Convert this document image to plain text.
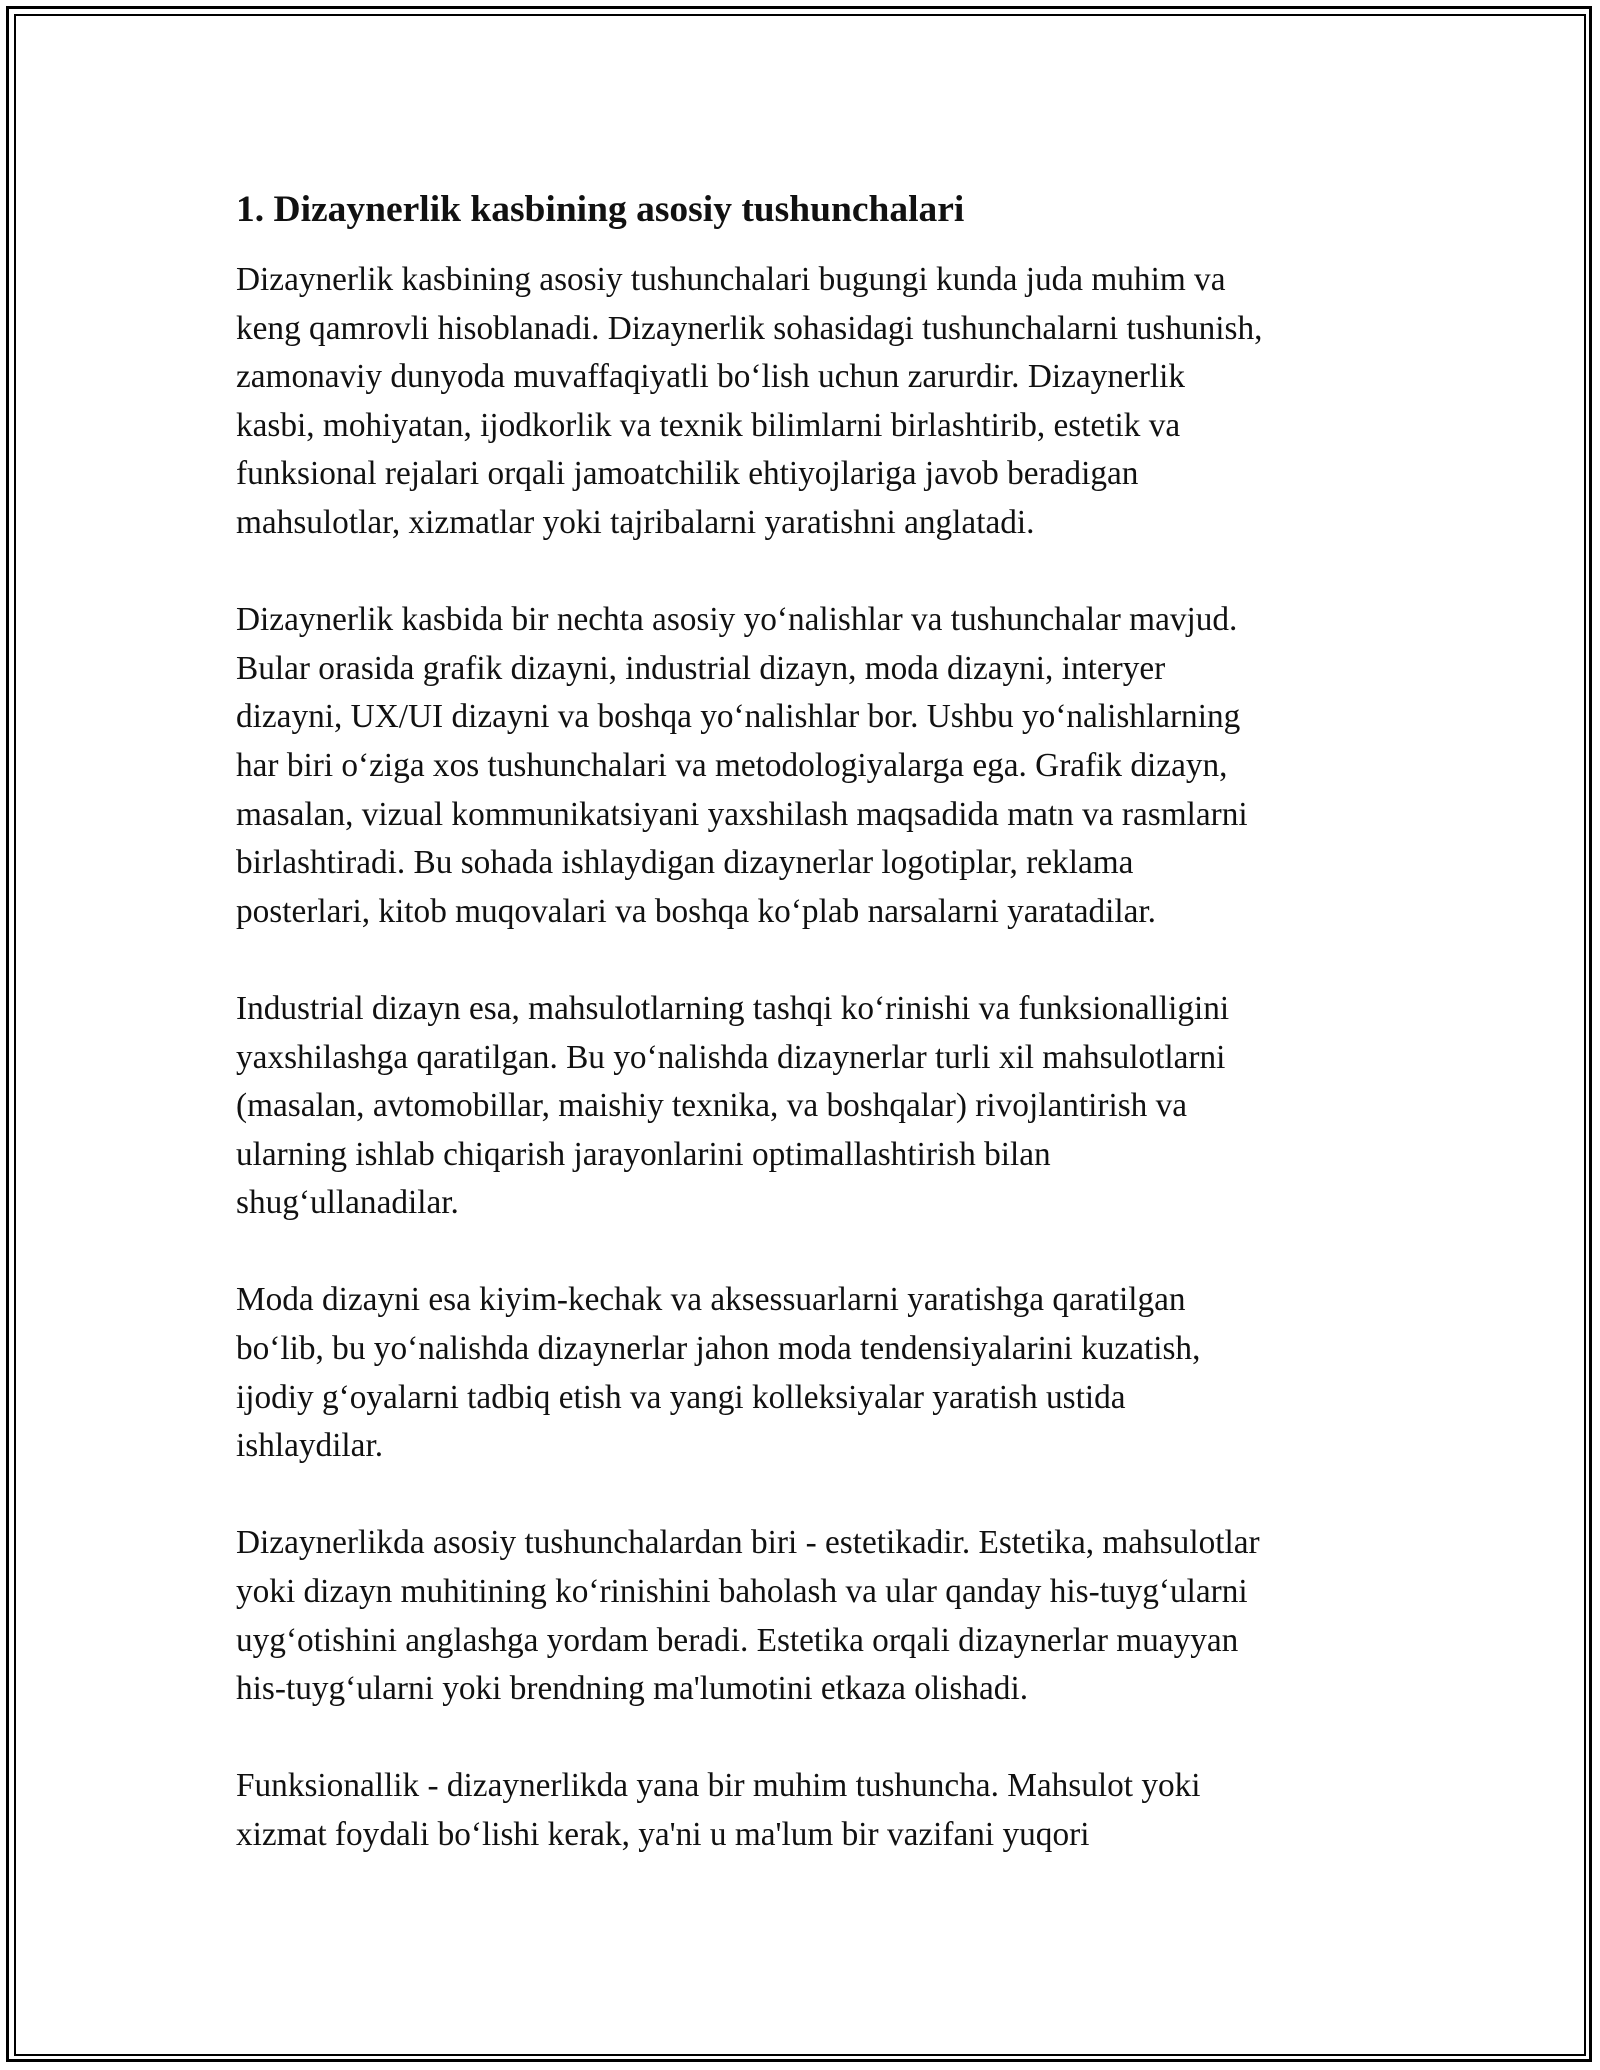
1. Dizaynerlik kasbining asosiy tushunchalari
Dizaynerlik kasbining asosiy tushunchalari bugungi kunda juda muhim va
keng qamrovli hisoblanadi. Dizaynerlik sohasidagi tushunchalarni tushunish,
zamonaviy dunyoda muvaffaqiyatli bo‘lish uchun zarurdir. Dizaynerlik
kasbi, mohiyatan, ijodkorlik va texnik bilimlarni birlashtirib, estetik va
funksional rejalari orqali jamoatchilik ehtiyojlariga javob beradigan
mahsulotlar, xizmatlar yoki tajribalarni yaratishni anglatadi.
Dizaynerlik kasbida bir nechta asosiy yo‘nalishlar va tushunchalar mavjud.
Bular orasida grafik dizayni, industrial dizayn, moda dizayni, interyer
dizayni, UX/UI dizayni va boshqa yo‘nalishlar bor. Ushbu yo‘nalishlarning
har biri o‘ziga xos tushunchalari va metodologiyalarga ega. Grafik dizayn,
masalan, vizual kommunikatsiyani yaxshilash maqsadida matn va rasmlarni
birlashtiradi. Bu sohada ishlaydigan dizaynerlar logotiplar, reklama
posterlari, kitob muqovalari va boshqa ko‘plab narsalarni yaratadilar.
Industrial dizayn esa, mahsulotlarning tashqi ko‘rinishi va funksionalligini
yaxshilashga qaratilgan. Bu yo‘nalishda dizaynerlar turli xil mahsulotlarni
(masalan, avtomobillar, maishiy texnika, va boshqalar) rivojlantirish va
ularning ishlab chiqarish jarayonlarini optimallashtirish bilan
shug‘ullanadilar.
Moda dizayni esa kiyim-kechak va aksessuarlarni yaratishga qaratilgan
bo‘lib, bu yo‘nalishda dizaynerlar jahon moda tendensiyalarini kuzatish,
ijodiy g‘oyalarni tadbiq etish va yangi kolleksiyalar yaratish ustida
ishlaydilar.
Dizaynerlikda asosiy tushunchalardan biri - estetikadir. Estetika, mahsulotlar
yoki dizayn muhitining ko‘rinishini baholash va ular qanday his-tuyg‘ularni
uyg‘otishini anglashga yordam beradi. Estetika orqali dizaynerlar muayyan
his-tuyg‘ularni yoki brendning ma'lumotini etkaza olishadi.
Funksionallik - dizaynerlikda yana bir muhim tushuncha. Mahsulot yoki
xizmat foydali bo‘lishi kerak, ya'ni u ma'lum bir vazifani yuqori
